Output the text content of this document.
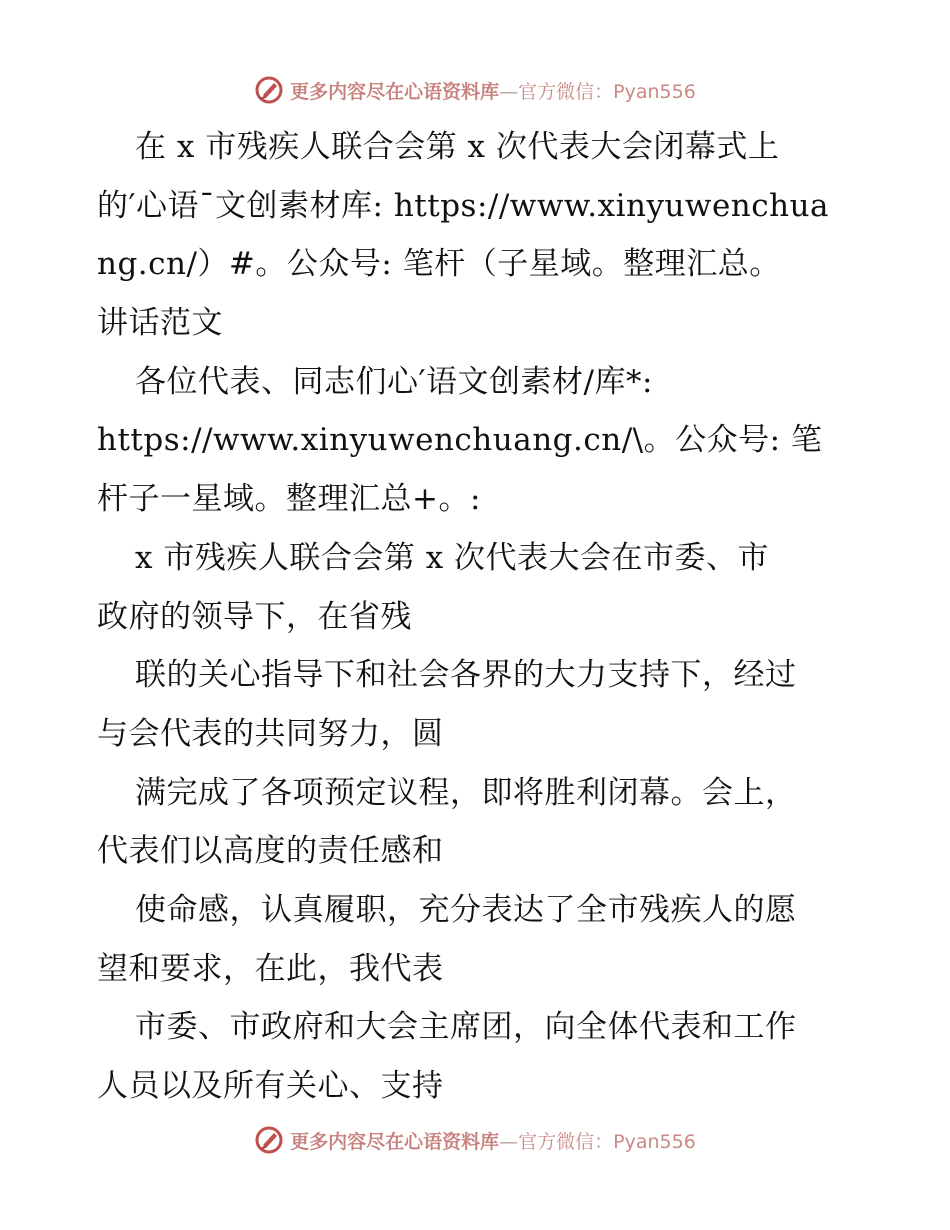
更多内容尽在心语资料库—官方微信：Pyan556
在 x 市残疾人联合会第 x 次代表大会闭幕式上
的′心语¯文创素材库: https://www.xinyuwenchua
ng.cn/）#。公众号: 笔杆（子星域。整理汇总。
讲话范文
各位代表、同志们心′语文创素材/库*:
https://www.xinyuwenchuang.cn/\。公众号: 笔
杆子一星域。整理汇总+。:
x 市残疾人联合会第 x 次代表大会在市委、市
政府的领导下，在省残
联的关心指导下和社会各界的大力支持下，经过
与会代表的共同努力，圆
满完成了各项预定议程，即将胜利闭幕。会上，
代表们以高度的责任感和
使命感，认真履职，充分表达了全市残疾人的愿
望和要求，在此，我代表
市委、市政府和大会主席团，向全体代表和工作
人员以及所有关心、支持
更多内容尽在心语资料库—官方微信：Pyan556
